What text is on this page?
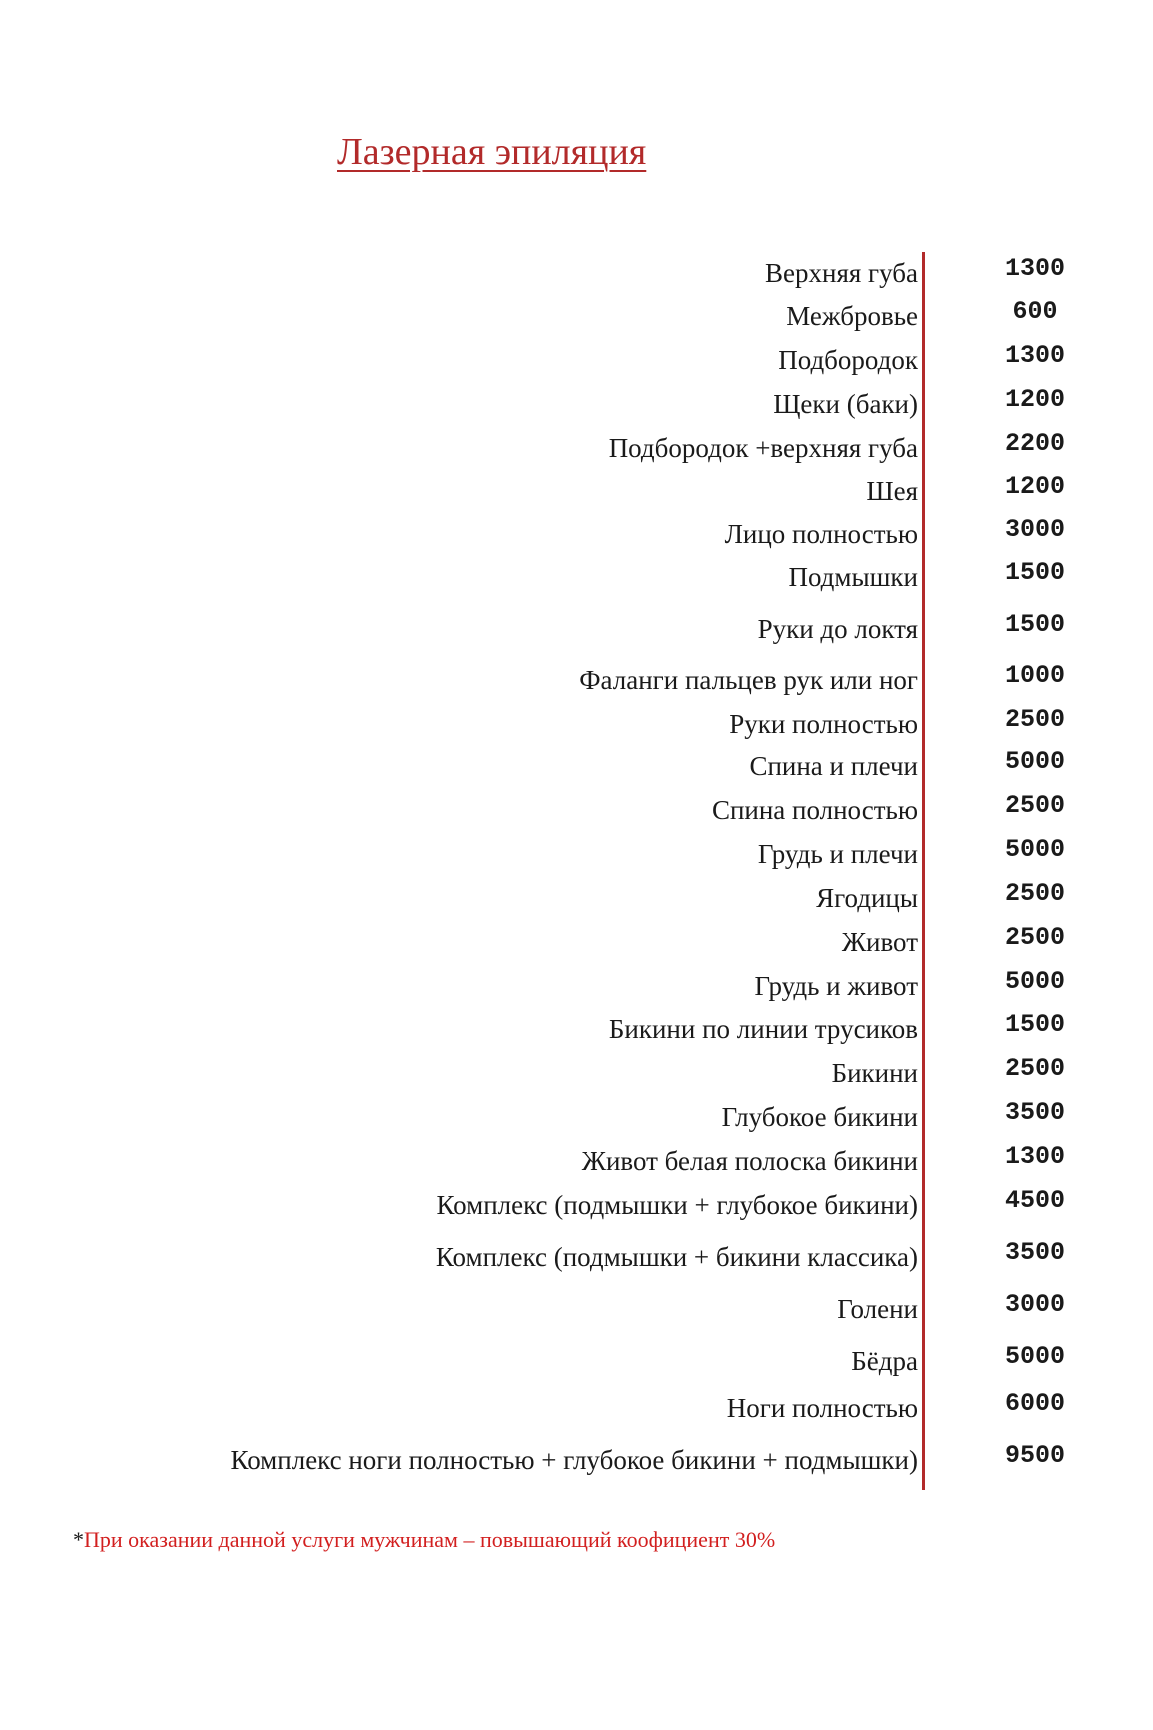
Лазерная эпиляция
Верхняя губа	1300
Межбровье	600
Подбородок	1300
Щеки (баки)	1200
Подбородок +верхняя губа	2200
Шея	1200
Лицо полностью	3000
Подмышки	1500
Руки до локтя	1500
Фаланги пальцев рук или ног	1000
Руки полностью	2500
Спина и плечи	5000
Спина полностью	2500
Грудь и плечи	5000
Ягодицы	2500
Живот	2500
Грудь и живот	5000
Бикини по линии трусиков	1500
Бикини	2500
Глубокое бикини	3500
Живот белая полоска бикини	1300
Комплекс (подмышки + глубокое бикини)	4500
Комплекс (подмышки + бикини классика)	3500
Голени	3000
Бёдра	5000
Ноги полностью	6000
Комплекс ноги полностью + глубокое бикини + подмышки)	9500
*При оказании данной услуги мужчинам – повышающий коофициент 30%
